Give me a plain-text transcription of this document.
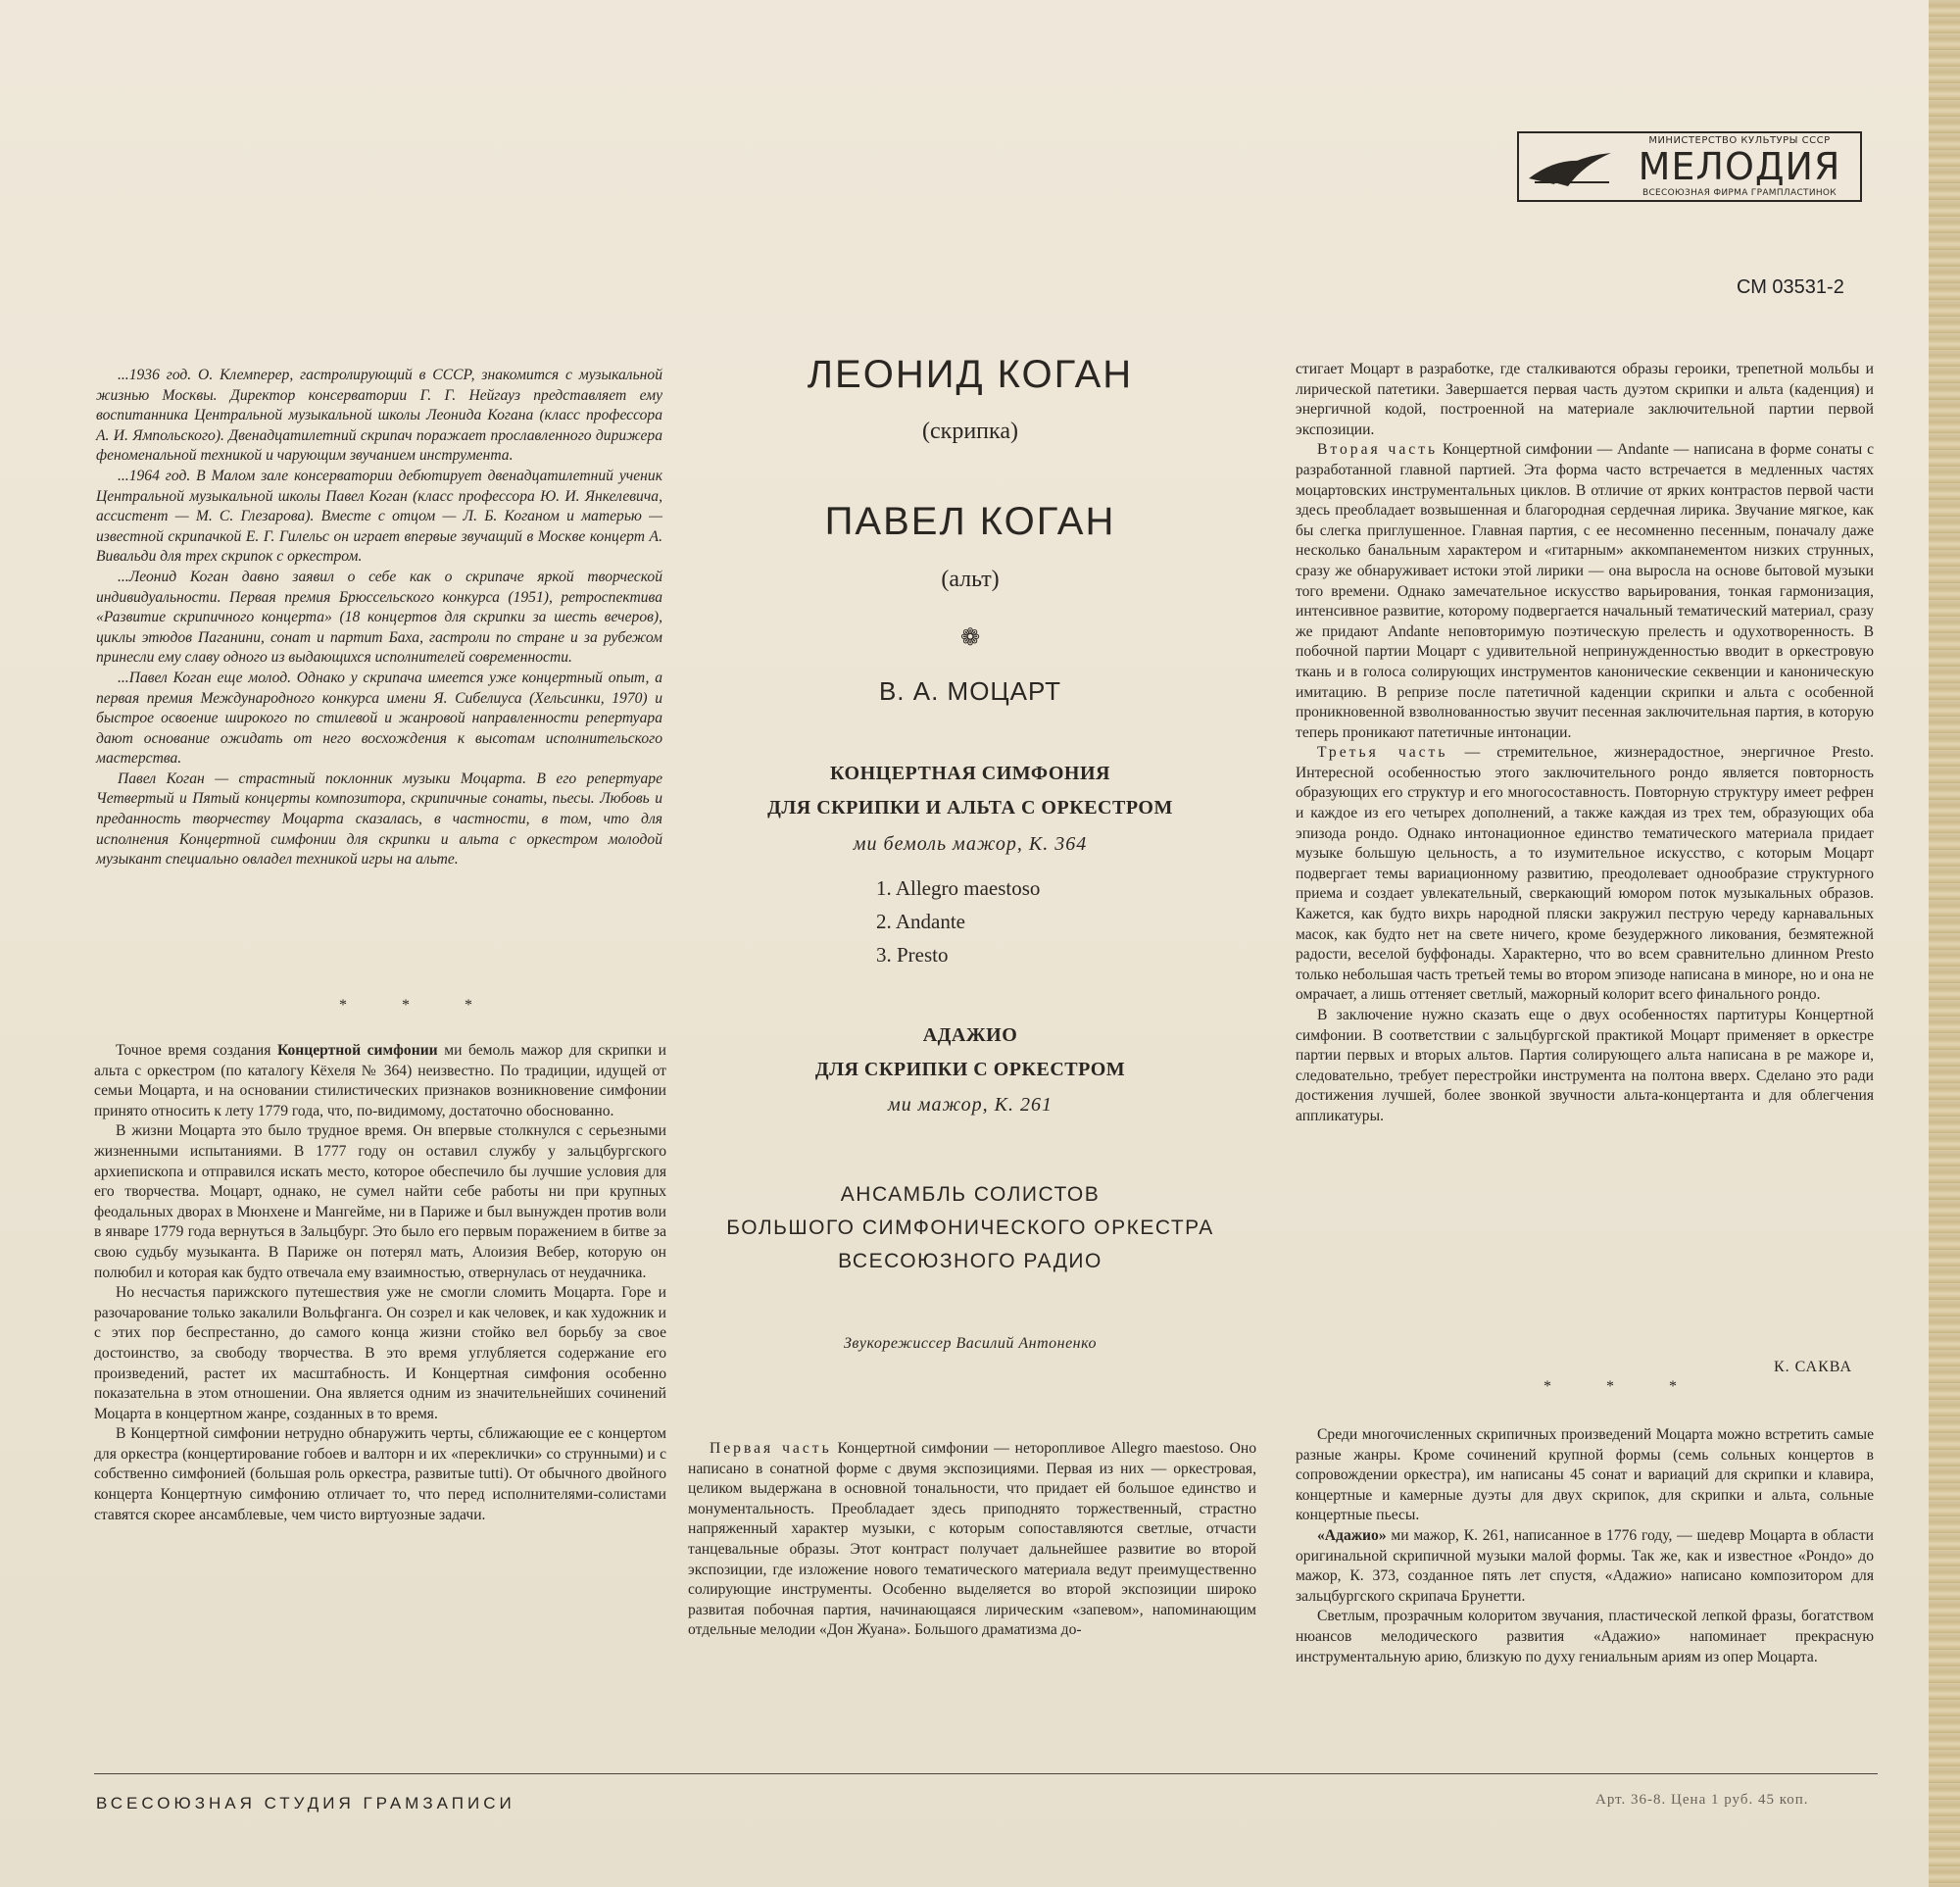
МИНИСТЕРСТВО КУЛЬТУРЫ СССР
МЕЛОДИЯ
ВСЕСОЮЗНАЯ ФИРМА ГРАМПЛАСТИНОК
СМ 03531-2

...1936 год. О. Клемперер, гастролирующий в СССР, знакомится с музыкальной жизнью Москвы. Директор консерватории Г. Г. Нейгауз представляет ему воспитанника Центральной музыкальной школы Леонида Когана (класс профессора А. И. Ямпольского). Двенадцатилетний скрипач поражает прославленного дирижера феноменальной техникой и чарующим звучанием инструмента.

...1964 год. В Малом зале консерватории дебютирует двенадцатилетний ученик Центральной музыкальной школы Павел Коган (класс профессора Ю. И. Янкелевича, ассистент — М. С. Глезарова). Вместе с отцом — Л. Б. Коганом и матерью — известной скрипачкой Е. Г. Гилельс он играет впервые звучащий в Москве концерт А. Вивальди для трех скрипок с оркестром.

...Леонид Коган давно заявил о себе как о скрипаче яркой творческой индивидуальности. Первая премия Брюссельского конкурса (1951), ретроспектива «Развитие скрипичного концерта» (18 концертов для скрипки за шесть вечеров), циклы этюдов Паганини, сонат и партит Баха, гастроли по стране и за рубежом принесли ему славу одного из выдающихся исполнителей современности.

...Павел Коган еще молод. Однако у скрипача имеется уже концертный опыт, а первая премия Международного конкурса имени Я. Сибелиуса (Хельсинки, 1970) и быстрое освоение широкого по стилевой и жанровой направленности репертуара дают основание ожидать от него восхождения к высотам исполнительского мастерства.

Павел Коган — страстный поклонник музыки Моцарта. В его репертуаре Четвертый и Пятый концерты композитора, скрипичные сонаты, пьесы. Любовь и преданность творчеству Моцарта сказалась, в частности, в том, что для исполнения Концертной симфонии для скрипки и альта с оркестром молодой музыкант специально овладел техникой игры на альте.

* * *

Точное время создания Концертной симфонии ми бемоль мажор для скрипки и альта с оркестром (по каталогу Кёхеля № 364) неизвестно. По традиции, идущей от семьи Моцарта, и на основании стилистических признаков возникновение симфонии принято относить к лету 1779 года, что, по-видимому, достаточно обоснованно.

В жизни Моцарта это было трудное время. Он впервые столкнулся с серьезными жизненными испытаниями. В 1777 году он оставил службу у зальцбургского архиепископа и отправился искать место, которое обеспечило бы лучшие условия для его творчества. Моцарт, однако, не сумел найти себе работы ни при крупных феодальных дворах в Мюнхене и Мангейме, ни в Париже и был вынужден против воли в январе 1779 года вернуться в Зальцбург. Это было его первым поражением в битве за свою судьбу музыканта. В Париже он потерял мать, Алоизия Вебер, которую он полюбил и которая как будто отвечала ему взаимностью, отвернулась от неудачника.

Но несчастья парижского путешествия уже не смогли сломить Моцарта. Горе и разочарование только закалили Вольфганга. Он созрел и как человек, и как художник и с этих пор беспрестанно, до самого конца жизни стойко вел борьбу за свое достоинство, за свободу творчества. В это время углубляется содержание его произведений, растет их масштабность. И Концертная симфония особенно показательна в этом отношении. Она является одним из значительнейших сочинений Моцарта в концертном жанре, созданных в то время.

В Концертной симфонии нетрудно обнаружить черты, сближающие ее с концертом для оркестра (концертирование гобоев и валторн и их «переклички» со струнными) и с собственно симфонией (большая роль оркестра, развитые tutti). От обычного двойного концерта Концертную симфонию отличает то, что перед исполнителями-солистами ставятся скорее ансамблевые, чем чисто виртуозные задачи.

ЛЕОНИД КОГАН
(скрипка)
ПАВЕЛ КОГАН
(альт)
❁
В. А. МОЦАРТ
КОНЦЕРТНАЯ СИМФОНИЯ
ДЛЯ СКРИПКИ И АЛЬТА С ОРКЕСТРОМ
ми бемоль мажор, К. 364
1. Allegro maestoso
2. Andante
3. Presto
АДАЖИО
ДЛЯ СКРИПКИ С ОРКЕСТРОМ
ми мажор, К. 261
АНСАМБЛЬ СОЛИСТОВ
БОЛЬШОГО СИМФОНИЧЕСКОГО ОРКЕСТРА
ВСЕСОЮЗНОГО РАДИО
Звукорежиссер Василий Антоненко

Первая часть Концертной симфонии — неторопливое Allegro maestoso. Оно написано в сонатной форме с двумя экспозициями. Первая из них — оркестровая, целиком выдержана в основной тональности, что придает ей большое единство и монументальность. Преобладает здесь приподнято торжественный, страстно напряженный характер музыки, с которым сопоставляются светлые, отчасти танцевальные образы. Этот контраст получает дальнейшее развитие во второй экспозиции, где изложение нового тематического материала ведут преимущественно солирующие инструменты. Особенно выделяется во второй экспозиции широко развитая побочная партия, начинающаяся лирическим «запевом», напоминающим отдельные мелодии «Дон Жуана». Большого драматизма до-

стигает Моцарт в разработке, где сталкиваются образы героики, трепетной мольбы и лирической патетики. Завершается первая часть дуэтом скрипки и альта (каденция) и энергичной кодой, построенной на материале заключительной партии первой экспозиции.

Вторая часть Концертной симфонии — Andante — написана в форме сонаты с разработанной главной партией. Эта форма часто встречается в медленных частях моцартовских инструментальных циклов. В отличие от ярких контрастов первой части здесь преобладает возвышенная и благородная сердечная лирика. Звучание мягкое, как бы слегка приглушенное. Главная партия, с ее несомненно песенным, поначалу даже несколько банальным характером и «гитарным» аккомпанементом низких струнных, сразу же обнаруживает истоки этой лирики — она выросла на основе бытовой музыки того времени. Однако замечательное искусство варьирования, тонкая гармонизация, интенсивное развитие, которому подвергается начальный тематический материал, сразу же придают Andante неповторимую поэтическую прелесть и одухотворенность. В побочной партии Моцарт с удивительной непринужденностью вводит в оркестровую ткань и в голоса солирующих инструментов канонические секвенции и каноническую имитацию. В репризе после патетичной каденции скрипки и альта с особенной проникновенной взволнованностью звучит песенная заключительная партия, в которую теперь проникают патетичные интонации.

Третья часть — стремительное, жизнерадостное, энергичное Presto. Интересной особенностью этого заключительного рондо является повторность образующих его структур и его многосоставность. Повторную структуру имеет рефрен и каждое из его четырех дополнений, а также каждая из трех тем, образующих оба эпизода рондо. Однако интонационное единство тематического материала придает музыке большую цельность, а то изумительное искусство, с которым Моцарт подвергает темы вариационному развитию, преодолевает однообразие структурного приема и создает увлекательный, сверкающий юмором поток музыкальных образов. Кажется, как будто вихрь народной пляски закружил пеструю череду карнавальных масок, как будто нет на свете ничего, кроме безудержного ликования, безмятежной радости, веселой буффонады. Характерно, что во всем сравнительно длинном Presto только небольшая часть третьей темы во втором эпизоде написана в миноре, но и она не омрачает, а лишь оттеняет светлый, мажорный колорит всего финального рондо.

В заключение нужно сказать еще о двух особенностях партитуры Концертной симфонии. В соответствии с зальцбургской практикой Моцарт применяет в оркестре партии первых и вторых альтов. Партия солирующего альта написана в ре мажоре и, следовательно, требует перестройки инструмента на полтона вверх. Сделано это ради достижения лучшей, более звонкой звучности альта-концертанта и для облегчения аппликатуры.

К. САКВА
* * *

Среди многочисленных скрипичных произведений Моцарта можно встретить самые разные жанры. Кроме сочинений крупной формы (семь сольных концертов в сопровождении оркестра), им написаны 45 сонат и вариаций для скрипки и клавира, концертные и камерные дуэты для двух скрипок, для скрипки и альта, сольные концертные пьесы.

«Адажио» ми мажор, К. 261, написанное в 1776 году, — шедевр Моцарта в области оригинальной скрипичной музыки малой формы. Так же, как и известное «Рондо» до мажор, К. 373, созданное пять лет спустя, «Адажио» написано композитором для зальцбургского скрипача Брунетти.

Светлым, прозрачным колоритом звучания, пластической лепкой фразы, богатством нюансов мелодического развития «Адажио» напоминает прекрасную инструментальную арию, близкую по духу гениальным ариям из опер Моцарта.

ВСЕСОЮЗНАЯ СТУДИЯ ГРАМЗАПИСИ	Арт. 36-8. Цена 1 руб. 45 коп.
